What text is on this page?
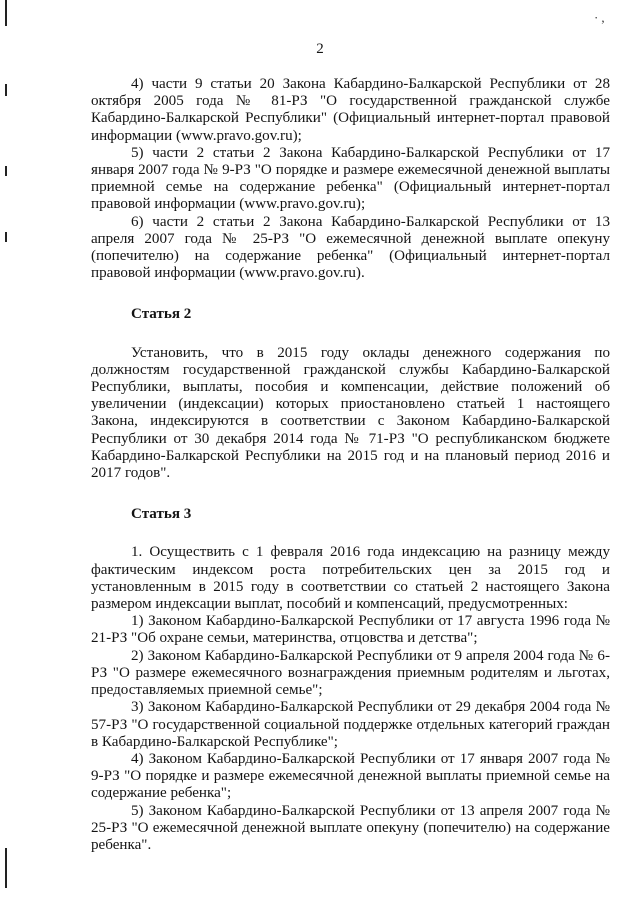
·,
2

4) части 9 статьи 20 Закона Кабардино-Балкарской Республики от 28 октября 2005 года № 81-РЗ "О государственной гражданской службе Кабардино-Балкарской Республики" (Официальный интернет-портал правовой информации (www.pravo.gov.ru);

5) части 2 статьи 2 Закона Кабардино-Балкарской Республики от 17 января 2007 года № 9-РЗ "О порядке и размере ежемесячной денежной выплаты приемной семье на содержание ребенка" (Официальный интернет-портал правовой информации (www.pravo.gov.ru);

6) части 2 статьи 2 Закона Кабардино-Балкарской Республики от 13 апреля 2007 года № 25-РЗ "О ежемесячной денежной выплате опекуну (попечителю) на содержание ребенка" (Официальный интернет-портал правовой информации (www.pravo.gov.ru).

Статья 2

Установить, что в 2015 году оклады денежного содержания по должностям государственной гражданской службы Кабардино-Балкарской Республики, выплаты, пособия и компенсации, действие положений об увеличении (индексации) которых приостановлено статьей 1 настоящего Закона, индексируются в соответствии с Законом Кабардино-Балкарской Республики от 30 декабря 2014 года № 71-РЗ "О республиканском бюджете Кабардино-Балкарской Республики на 2015 год и на плановый период 2016 и 2017 годов".

Статья 3

1. Осуществить с 1 февраля 2016 года индексацию на разницу между фактическим индексом роста потребительских цен за 2015 год и установленным в 2015 году в соответствии со статьей 2 настоящего Закона размером индексации выплат, пособий и компенсаций, предусмотренных:

1) Законом Кабардино-Балкарской Республики от 17 августа 1996 года № 21-РЗ "Об охране семьи, материнства, отцовства и детства";

2) Законом Кабардино-Балкарской Республики от 9 апреля 2004 года № 6-РЗ "О размере ежемесячного вознаграждения приемным родителям и льготах, предоставляемых приемной семье";

3) Законом Кабардино-Балкарской Республики от 29 декабря 2004 года № 57-РЗ "О государственной социальной поддержке отдельных категорий граждан в Кабардино-Балкарской Республике";

4) Законом Кабардино-Балкарской Республики от 17 января 2007 года № 9-РЗ "О порядке и размере ежемесячной денежной выплаты приемной семье на содержание ребенка";

5) Законом Кабардино-Балкарской Республики от 13 апреля 2007 года № 25-РЗ "О ежемесячной денежной выплате опекуну (попечителю) на содержание ребенка".
